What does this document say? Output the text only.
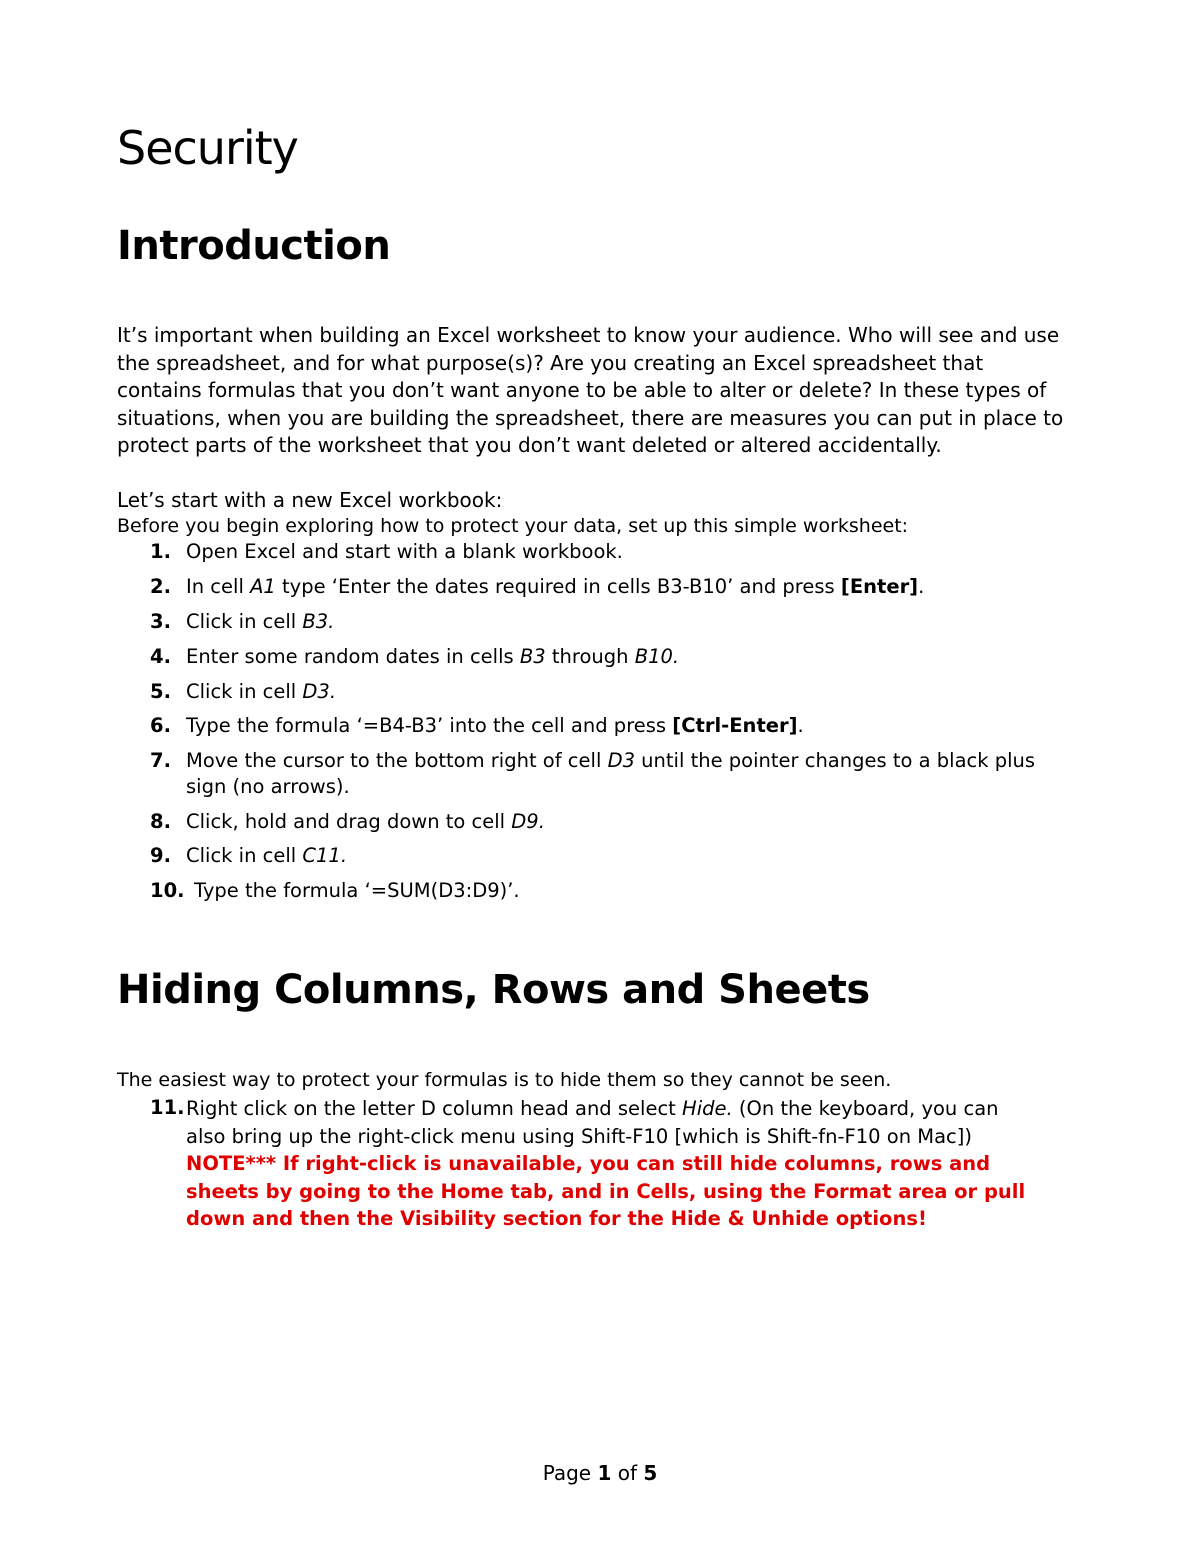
Security
Introduction
It’s important when building an Excel worksheet to know your audience. Who will see and use the spreadsheet, and for what purpose(s)? Are you creating an Excel spreadsheet that contains formulas that you don’t want anyone to be able to alter or delete? In these types of situations, when you are building the spreadsheet, there are measures you can put in place to protect parts of the worksheet that you don’t want deleted or altered accidentally.
Let’s start with a new Excel workbook:
Before you begin exploring how to protect your data, set up this simple worksheet:
1. Open Excel and start with a blank workbook.
2. In cell A1 type ‘Enter the dates required in cells B3-B10’ and press [Enter].
3. Click in cell B3.
4. Enter some random dates in cells B3 through B10.
5. Click in cell D3.
6. Type the formula ‘=B4-B3’ into the cell and press [Ctrl-Enter].
7. Move the cursor to the bottom right of cell D3 until the pointer changes to a black plus sign (no arrows).
8. Click, hold and drag down to cell D9.
9. Click in cell C11.
10. Type the formula ‘=SUM(D3:D9)’.
Hiding Columns, Rows and Sheets
The easiest way to protect your formulas is to hide them so they cannot be seen.
11. Right click on the letter D column head and select Hide. (On the keyboard, you can also bring up the right-click menu using Shift-F10 [which is Shift-fn-F10 on Mac])
NOTE*** If right-click is unavailable, you can still hide columns, rows and sheets by going to the Home tab, and in Cells, using the Format area or pull down and then the Visibility section for the Hide & Unhide options!
Page 1 of 5
